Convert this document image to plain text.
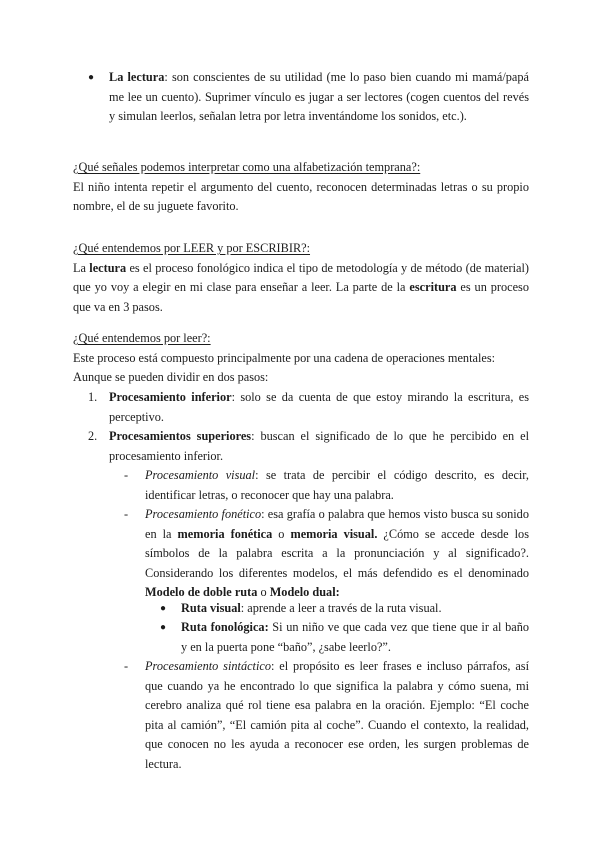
● La lectura: son conscientes de su utilidad (me lo paso bien cuando mi mamá/papá me lee un cuento). Suprimer vínculo es jugar a ser lectores (cogen cuentos del revés y simulan leerlos, señalan letra por letra inventándome los sonidos, etc.).

¿Qué señales podemos interpretar como una alfabetización temprana?:

El niño intenta repetir el argumento del cuento, reconocen determinadas letras o su propio nombre, el de su juguete favorito.

¿Qué entendemos por LEER y por ESCRIBIR?:

La lectura es el proceso fonológico indica el tipo de metodología y de método (de material) que yo voy a elegir en mi clase para enseñar a leer. La parte de la escritura es un proceso que va en 3 pasos.

¿Qué entendemos por leer?:

Este proceso está compuesto principalmente por una cadena de operaciones mentales:

Aunque se pueden dividir en dos pasos:

1. Procesamiento inferior: solo se da cuenta de que estoy mirando la escritura, es perceptivo.

2. Procesamientos superiores: buscan el significado de lo que he percibido en el procesamiento inferior.

- Procesamiento visual: se trata de percibir el código descrito, es decir, identificar letras, o reconocer que hay una palabra.

- Procesamiento fonético: esa grafía o palabra que hemos visto busca su sonido en la memoria fonética o memoria visual. ¿Cómo se accede desde los símbolos de la palabra escrita a la pronunciación y al significado?. Considerando los diferentes modelos, el más defendido es el denominado Modelo de doble ruta o Modelo dual:

● Ruta visual: aprende a leer a través de la ruta visual.

● Ruta fonológica: Si un niño ve que cada vez que tiene que ir al baño y en la puerta pone “baño”, ¿sabe leerlo?”.

- Procesamiento sintáctico: el propósito es leer frases e incluso párrafos, así que cuando ya he encontrado lo que significa la palabra y cómo suena, mi cerebro analiza qué rol tiene esa palabra en la oración. Ejemplo: “El coche pita al camión”, “El camión pita al coche”. Cuando el contexto, la realidad, que conocen no les ayuda a reconocer ese orden, les surgen problemas de lectura.
